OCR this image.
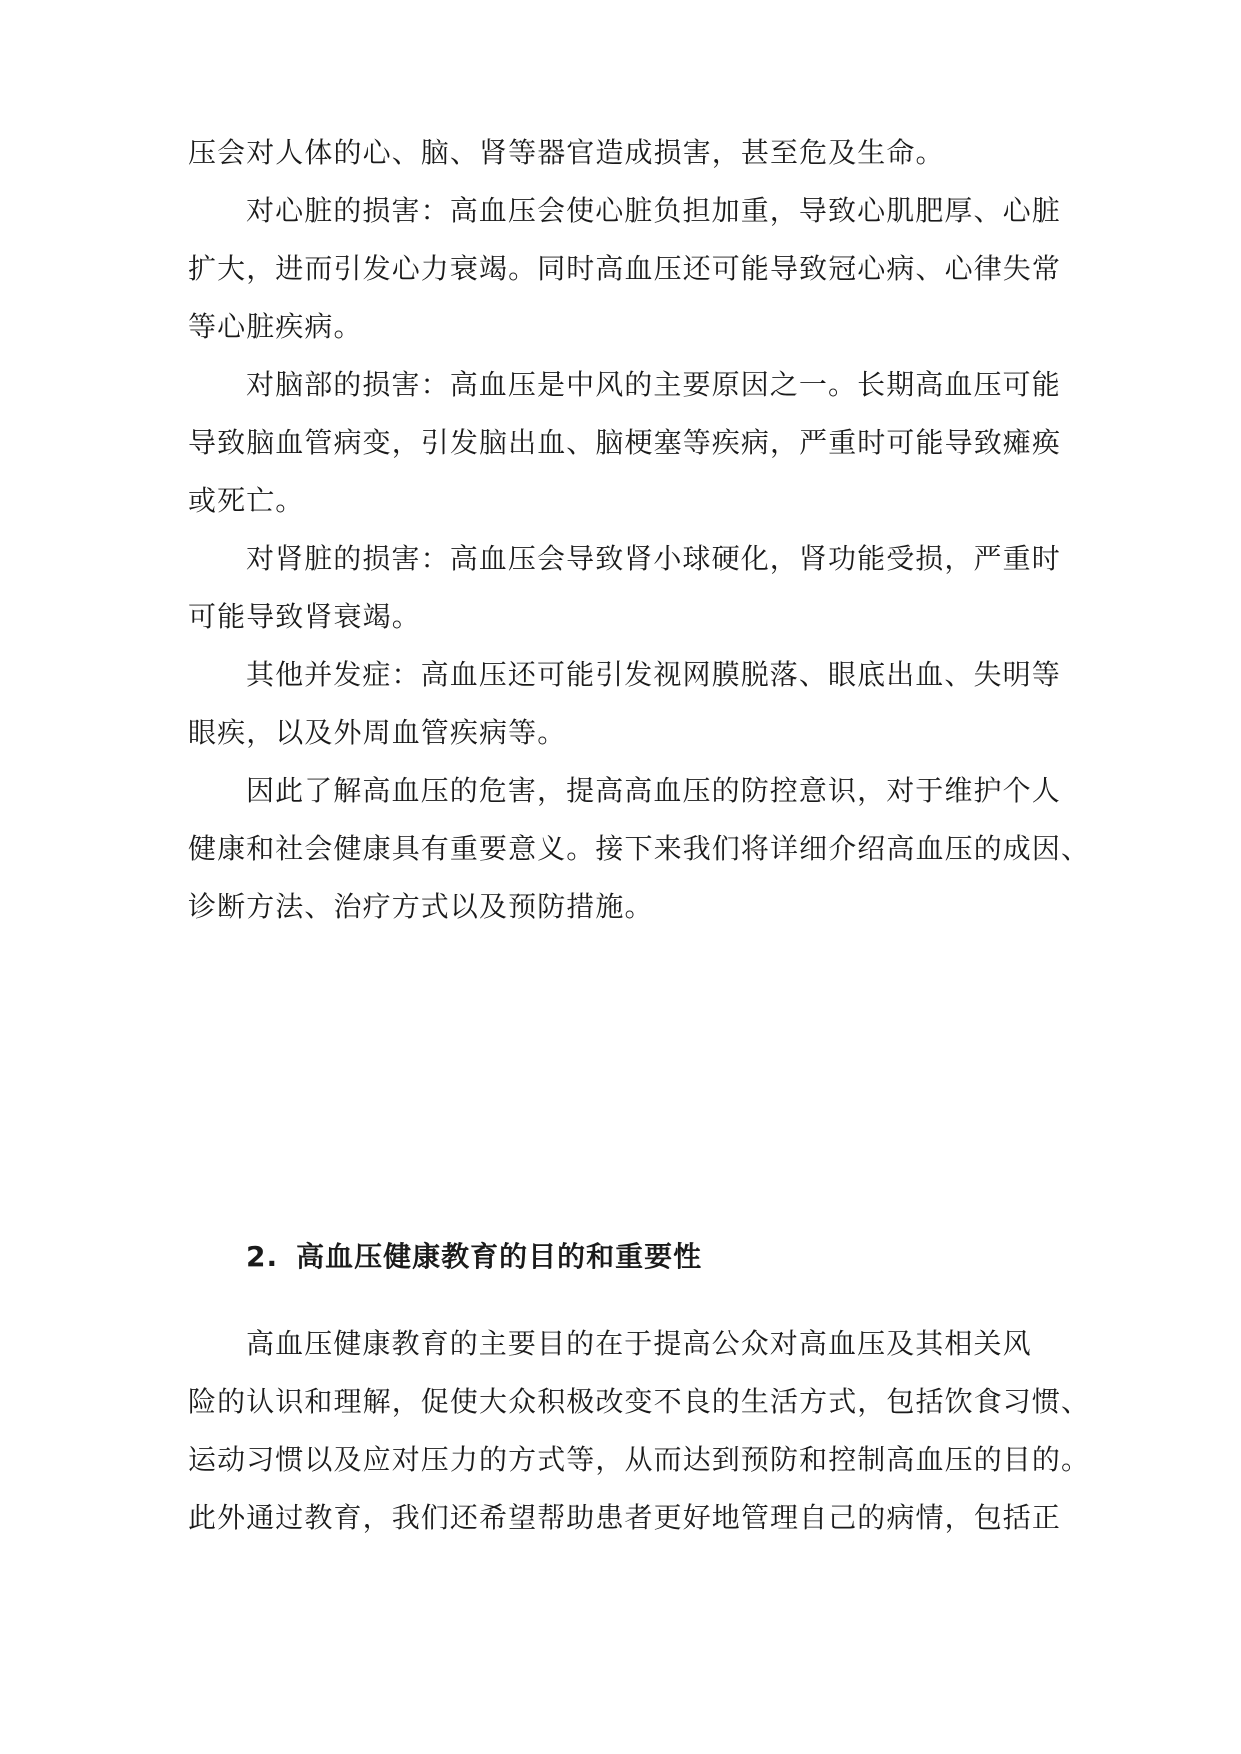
压会对人体的心、脑、肾等器官造成损害，甚至危及生命。
对心脏的损害：高血压会使心脏负担加重，导致心肌肥厚、心脏
扩大，进而引发心力衰竭。同时高血压还可能导致冠心病、心律失常
等心脏疾病。
对脑部的损害：高血压是中风的主要原因之一。长期高血压可能
导致脑血管病变，引发脑出血、脑梗塞等疾病，严重时可能导致瘫痪
或死亡。
对肾脏的损害：高血压会导致肾小球硬化，肾功能受损，严重时
可能导致肾衰竭。
其他并发症：高血压还可能引发视网膜脱落、眼底出血、失明等
眼疾，以及外周血管疾病等。
因此了解高血压的危害，提高高血压的防控意识，对于维护个人
健康和社会健康具有重要意义。接下来我们将详细介绍高血压的成因、
诊断方法、治疗方式以及预防措施。
2. 高血压健康教育的目的和重要性
高血压健康教育的主要目的在于提高公众对高血压及其相关风
险的认识和理解，促使大众积极改变不良的生活方式，包括饮食习惯、
运动习惯以及应对压力的方式等，从而达到预防和控制高血压的目的。
此外通过教育，我们还希望帮助患者更好地管理自己的病情，包括正
